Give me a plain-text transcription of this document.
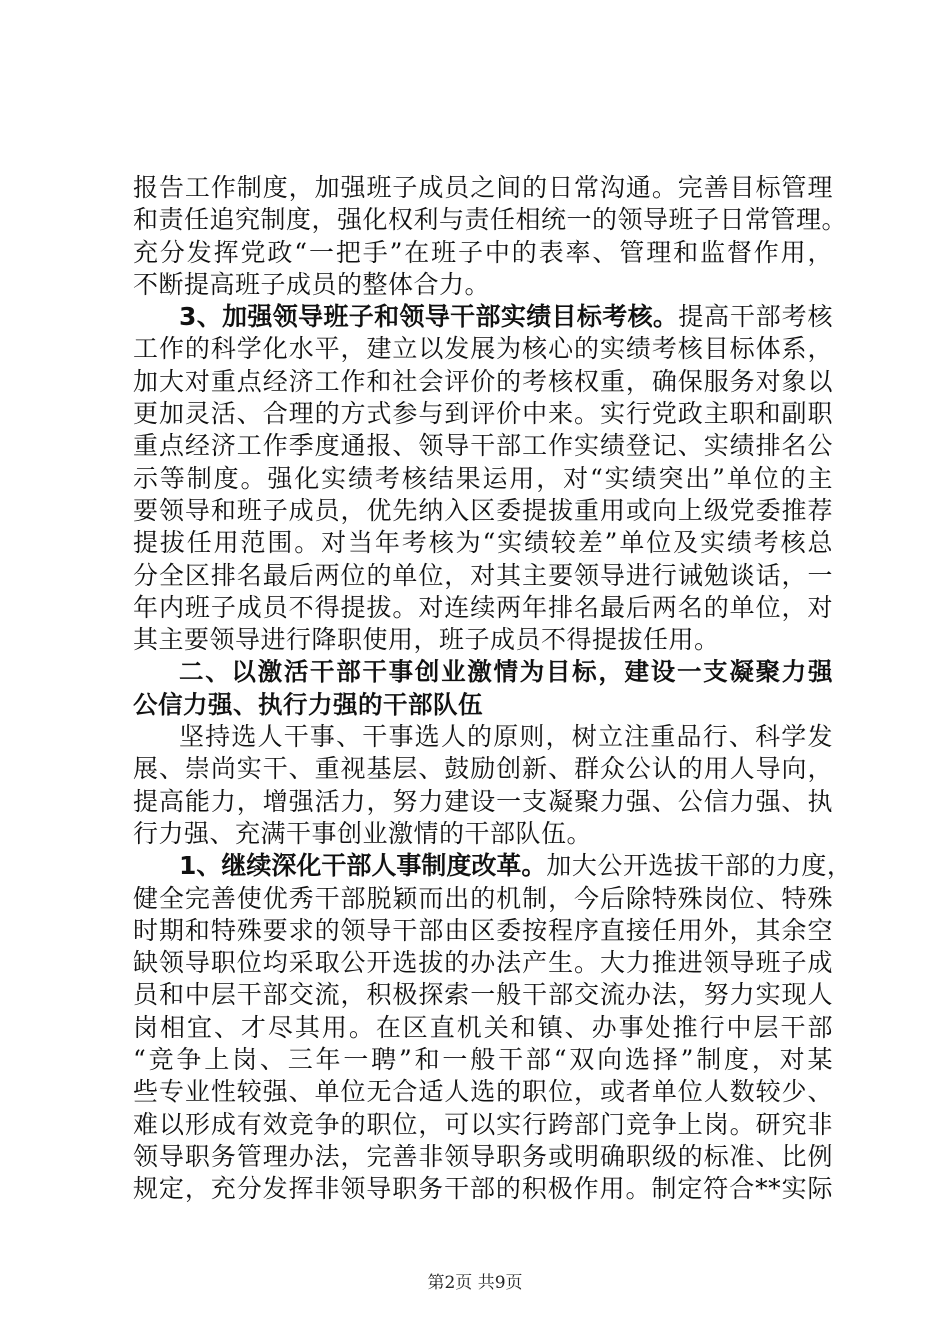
报告工作制度，加强班子成员之间的日常沟通。完善目标管理
和责任追究制度，强化权利与责任相统一的领导班子日常管理。
充分发挥党政“一把手”在班子中的表率、管理和监督作用，
不断提高班子成员的整体合力。
3、加强领导班子和领导干部实绩目标考核。提高干部考核
工作的科学化水平，建立以发展为核心的实绩考核目标体系，
加大对重点经济工作和社会评价的考核权重，确保服务对象以
更加灵活、合理的方式参与到评价中来。实行党政主职和副职
重点经济工作季度通报、领导干部工作实绩登记、实绩排名公
示等制度。强化实绩考核结果运用，对“实绩突出”单位的主
要领导和班子成员，优先纳入区委提拔重用或向上级党委推荐
提拔任用范围。对当年考核为“实绩较差”单位及实绩考核总
分全区排名最后两位的单位，对其主要领导进行诫勉谈话，一
年内班子成员不得提拔。对连续两年排名最后两名的单位，对
其主要领导进行降职使用，班子成员不得提拔任用。
二、以激活干部干事创业激情为目标，建设一支凝聚力强
公信力强、执行力强的干部队伍
坚持选人干事、干事选人的原则，树立注重品行、科学发
展、崇尚实干、重视基层、鼓励创新、群众公认的用人导向，
提高能力，增强活力，努力建设一支凝聚力强、公信力强、执
行力强、充满干事创业激情的干部队伍。
1、继续深化干部人事制度改革。加大公开选拔干部的力度，
健全完善使优秀干部脱颖而出的机制，今后除特殊岗位、特殊
时期和特殊要求的领导干部由区委按程序直接任用外，其余空
缺领导职位均采取公开选拔的办法产生。大力推进领导班子成
员和中层干部交流，积极探索一般干部交流办法，努力实现人
岗相宜、才尽其用。在区直机关和镇、办事处推行中层干部
“竞争上岗、三年一聘”和一般干部“双向选择”制度，对某
些专业性较强、单位无合适人选的职位，或者单位人数较少、
难以形成有效竞争的职位，可以实行跨部门竞争上岗。研究非
领导职务管理办法，完善非领导职务或明确职级的标准、比例
规定，充分发挥非领导职务干部的积极作用。制定符合**实际
第2页 共9页
